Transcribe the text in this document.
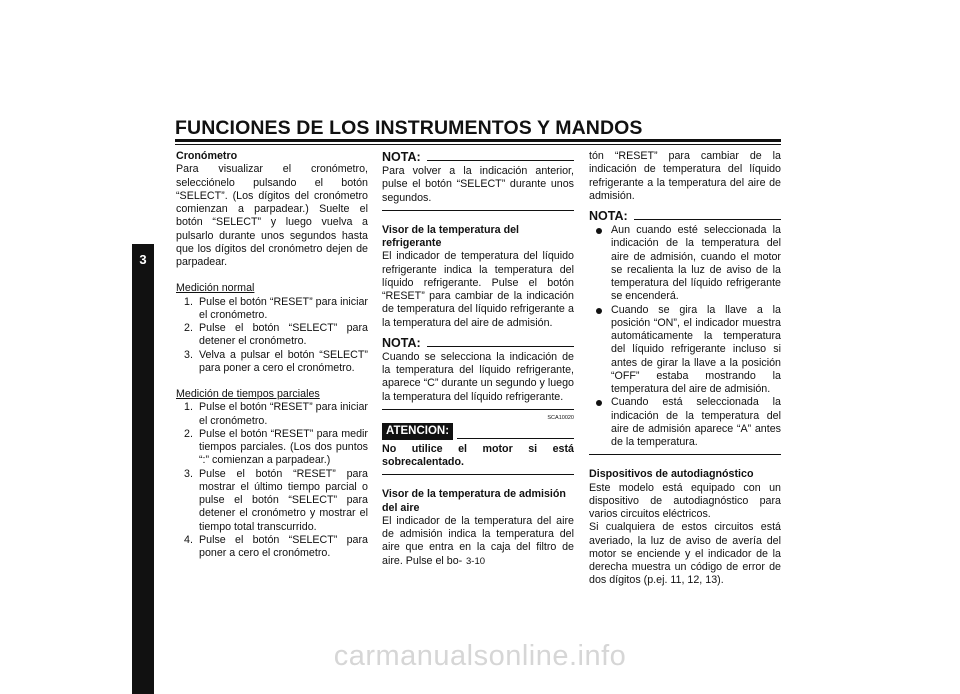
FUNCIONES DE LOS INSTRUMENTOS Y MANDOS
3
Cronómetro

Para visualizar el cronómetro, selecciónelo pulsando el botón “SELECT”. (Los dígitos del cronómetro comienzan a parpadear.) Suelte el botón “SELECT” y luego vuelva a pulsarlo durante unos segundos hasta que los dígitos del cronómetro dejen de parpadear.

Medición normal
1. Pulse el botón “RESET” para iniciar el cronómetro.
2. Pulse el botón “SELECT” para detener el cronómetro.
3. Velva a pulsar el botón “SELECT” para poner a cero el cronómetro.
Medición de tiempos parciales
1. Pulse el botón “RESET” para iniciar el cronómetro.
2. Pulse el botón “RESET” para medir tiempos parciales. (Los dos puntos “:” comienzan a parpadear.)
3. Pulse el botón “RESET” para mostrar el último tiempo parcial o pulse el botón “SELECT” para detener el cronómetro y mostrar el tiempo total transcurrido.
4. Pulse el botón “SELECT” para poner a cero el cronómetro.
NOTA:

Para volver a la indicación anterior, pulse el botón “SELECT” durante unos segundos.

Visor de la temperatura del refrigerante

El indicador de temperatura del líquido refrigerante indica la temperatura del líquido refrigerante. Pulse el botón “RESET” para cambiar de la indicación de temperatura del líquido refrigerante a la temperatura del aire de admisión.

NOTA:

Cuando se selecciona la indicación de la temperatura del líquido refrigerante, aparece “C” durante un segundo y luego la temperatura del líquido refrigerante.

SCA10020
ATENCION:
No utilice el motor si está sobrecalentado.
Visor de la temperatura de admisión del aire

El indicador de la temperatura del aire de admisión indica la temperatura del aire que entra en la caja del filtro de aire. Pulse el bo-

tón “RESET” para cambiar de la indicación de temperatura del líquido refrigerante a la temperatura del aire de admisión.

NOTA:
Aun cuando esté seleccionada la indicación de la temperatura del aire de admisión, cuando el motor se recalienta la luz de aviso de la temperatura del líquido refrigerante se encenderá.
Cuando se gira la llave a la posición “ON”, el indicador muestra automáticamente la temperatura del líquido refrigerante incluso si antes de girar la llave a la posición “OFF” estaba mostrando la temperatura del aire de admisión.
Cuando está seleccionada la indicación de la temperatura del aire de admisión aparece “A” antes de la temperatura.
Dispositivos de autodiagnóstico

Este modelo está equipado con un dispositivo de autodiagnóstico para varios circuitos eléctricos.

Si cualquiera de estos circuitos está averiado, la luz de aviso de avería del motor se enciende y el indicador de la derecha muestra un código de error de dos dígitos (p.ej. 11, 12, 13).

3-10
carmanualsonline.info
